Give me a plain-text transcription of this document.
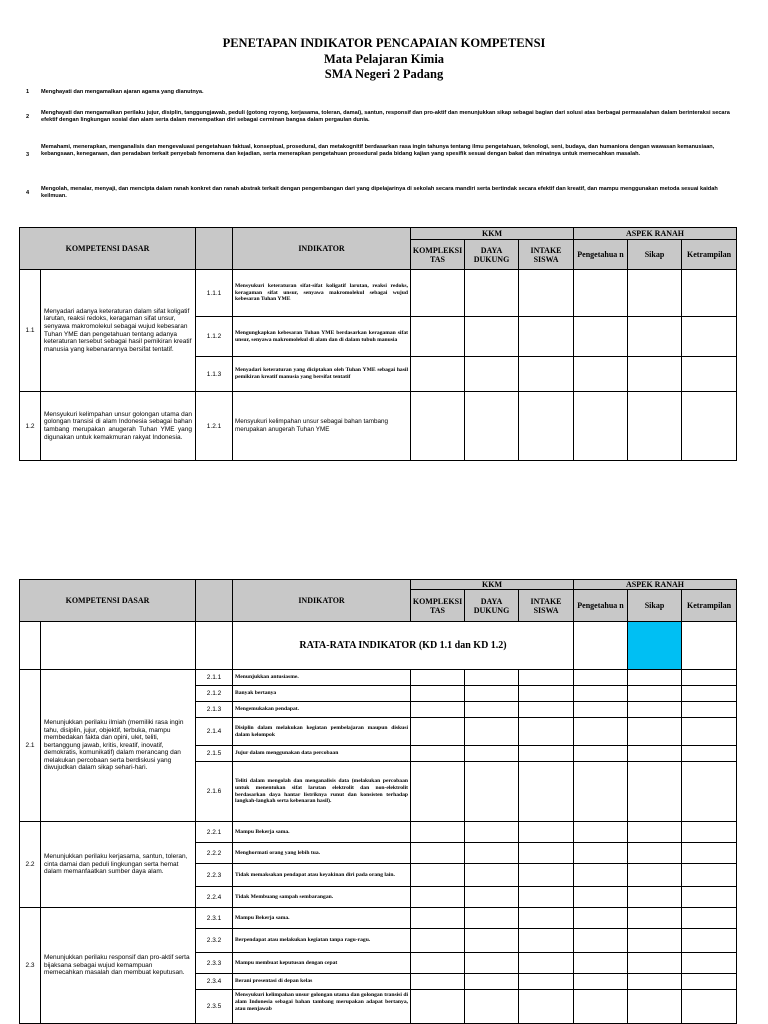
PENETAPAN INDIKATOR PENCAPAIAN KOMPETENSI
Mata Pelajaran Kimia
SMA Negeri 2 Padang
1	Menghayati dan mengamalkan ajaran agama yang dianutnya.
2
Menghayati dan mengamalkan perilaku jujur, disiplin, tanggungjawab, peduli (gotong royong, kerjasama, toleran, damai), santun, responsif dan pro-aktif dan menunjukkan sikap sebagai bagian dari solusi atas berbagai permasalahan dalam berinteraksi secara efektif dengan lingkungan sosial dan alam serta dalam menempatkan diri sebagai cerminan bangsa dalam pergaulan dunia.
3
Memahami, menerapkan, menganalisis dan mengevaluasi pengetahuan faktual, konseptual, prosedural, dan metakognitif berdasarkan rasa ingin tahunya tentang ilmu pengetahuan, teknologi, seni, budaya, dan humaniora dengan wawasan kemanusiaan, kebangsaan, kenegaraan, dan peradaban terkait penyebab fenomena dan kejadian, serta menerapkan pengetahuan prosedural pada bidang kajian yang spesifik sesuai dengan bakat dan minatnya untuk memecahkan masalah.
4
Mengolah, menalar, menyaji, dan mencipta dalam ranah konkret dan ranah abstrak terkait dengan pengembangan dari yang dipelajarinya di sekolah secara mandiri serta bertindak secara efektif dan kreatif, dan mampu menggunakan metoda sesuai kaidah keilmuan.
KOMPETENSI DASAR			INDIKATOR	KKM			ASPEK RANAH		
				KOMPLEKSI TAS	DAYA DUKUNG	INTAKE SISWA	Pengetahua n	Sikap	Ketrampilan
1.1	Menyadari adanya keteraturan dalam sifat koligatif larutan, reaksi redoks, keragaman sifat unsur, senyawa makromolekul sebagai wujud kebesaran Tuhan YME dan pengetahuan tentang adanya keteraturan tersebut sebagai hasil pemikiran kreatif manusia yang kebenarannya bersifat tentatif.	1.1.1	Mensyukuri keteraturan sifat-sifat koligatif larutan, reaksi redoks, keragaman sifat unsur, senyawa makromolekul sebagai wujud kebesaran Tuhan YME						
		1.1.2	Mengungkapkan kebesaran Tuhan YME berdasarkan keragaman sifat unsur, senyawa makromolekul di alam dan di dalam tubuh manusia						
		1.1.3	Menyadari keteraturan yang diciptakan oleh Tuhan YME sebagai hasil pemikiran kreatif manusia yang bersifat tentatif						
1.2	Mensyukuri kelimpahan unsur golongan utama dan golongan transisi di alam Indonesia sebagai bahan tambang merupakan anugerah Tuhan YME yang digunakan untuk kemakmuran rakyat Indonesia.	1.2.1	Mensyukuri kelimpahan unsur sebagai bahan tambang merupakan anugerah Tuhan YME						
KOMPETENSI DASAR			INDIKATOR	KKM			ASPEK RANAH		
				KOMPLEKSI TAS	DAYA DUKUNG	INTAKE SISWA	Pengetahua n	Sikap	Ketrampilan
			RATA-RATA INDIKATOR (KD 1.1 dan KD 1.2)						
2.1	Menunjukkan perilaku ilmiah (memiliki rasa ingin tahu, disiplin, jujur, objektif, terbuka, mampu membedakan fakta dan opini, ulet, teliti, bertanggung jawab, kritis, kreatif, inovatif, demokratis, komunikatif) dalam merancang dan melakukan percobaan serta berdiskusi yang diwujudkan dalam sikap sehari-hari.	2.1.1	Menunjukkan antusiasme.						
		2.1.2	Banyak bertanya						
		2.1.3	Mengemukakan pendapat.						
		2.1.4	Disiplin dalam melakukan kegiatan pembelajaran maupun diskusi dalam kelompok						
		2.1.5	Jujur dalam menggunakan data percobaan						
		2.1.6	Teliti dalam mengolah dan menganalisis data (melakukan percobaan untuk menentukan sifat larutan elektrolit dan non-elektrolit berdasarkan daya hantar listriknya runut dan konsisten terhadap langkah-langkah serta kebenaran hasil).						
2.2	Menunjukkan perilaku kerjasama, santun, toleran, cinta damai dan peduli lingkungan serta hemat dalam memanfaatkan sumber daya alam.	2.2.1	Mampu Bekerja sama.						
		2.2.2	Menghormati orang yang lebih tua.						
		2.2.3	Tidak memaksakan pendapat atau keyakinan diri pada orang lain.						
		2.2.4	Tidak Membuang sampah sembarangan.						
2.3	Menunjukkan perilaku responsif dan pro-aktif serta bijaksana sebagai wujud kemampuan memecahkan masalah dan membuat keputusan.	2.3.1	Mampu Bekerja sama.						
		2.3.2	Berpendapat atau melakukan kegiatan tanpa ragu-ragu.						
		2.3.3	Mampu membuat keputusan dengan cepat						
		2.3.4	Berani presentasi di depan kelas						
		2.3.5	Mensyukuri kelimpahan unsur golongan utama dan golongan transisi di alam Indonesia sebagai bahan tambang merupakan adapat bertanya, atau menjawab						
